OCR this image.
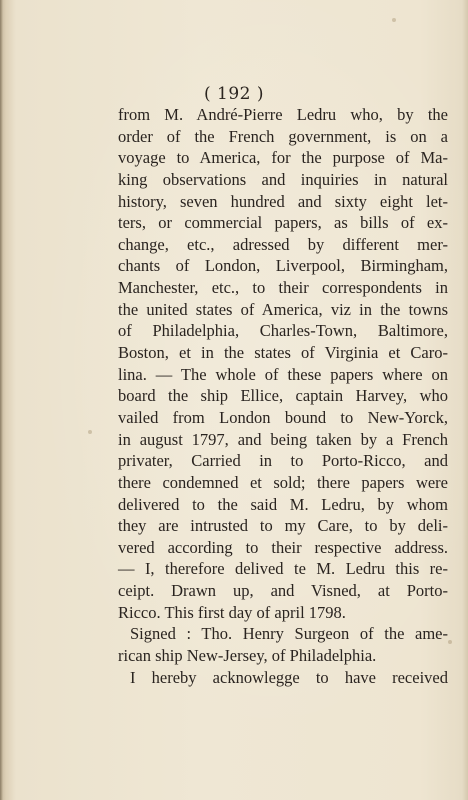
( 192 )
from M. André-Pierre Ledru who, by the
order of the French government, is on a
voyage to America, for the purpose of Ma-
king observations and inquiries in natural
history, seven hundred and sixty eight let-
ters, or commercial papers, as bills of ex-
change, etc., adressed by different mer-
chants of London, Liverpool, Birmingham,
Manchester, etc., to their correspondents in
the united states of America, viz in the towns
of Philadelphia, Charles-Town, Baltimore,
Boston, et in the states of Virginia et Caro-
lina. — The whole of these papers where on
board the ship Ellice, captain Harvey, who
vailed from London bound to New-Yorck,
in august 1797, and being taken by a French
privater, Carried in to Porto-Ricco, and
there condemned et sold; there papers were
delivered to the said M. Ledru, by whom
they are intrusted to my Care, to by deli-
vered according to their respective address.
— I, therefore delived te M. Ledru this re-
ceipt. Drawn up, and Visned, at Porto-
Ricco. This first day of april 1798.
Signed : Tho. Henry Surgeon of the ame-
rican ship New-Jersey, of Philadelphia.
I hereby acknowlegge to have received
